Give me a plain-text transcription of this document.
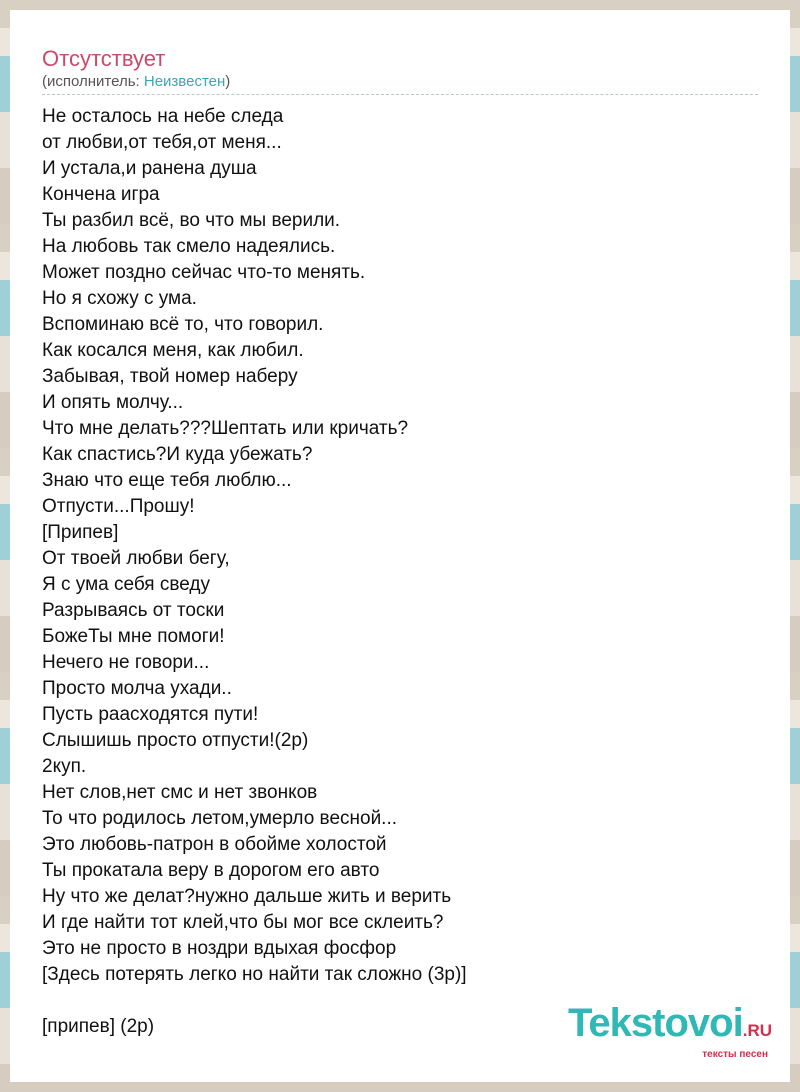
Отсутствует
(исполнитель: Неизвестен)
Не осталось на небе следа
от любви,от тебя,от меня...
И устала,и ранена душа
Кончена игра
Ты разбил всё, во что мы верили.
На любовь так смело надеялись.
Может поздно сейчас что-то менять.
Но я схожу с ума.
Вспоминаю всё то, что говорил.
Как косался меня, как любил.
Забывая, твой номер наберу
И опять молчу...
Что мне делать???Шептать или кричать?
Как спастись?И куда убежать?
Знаю что еще тебя люблю...
Отпусти...Прошу!
[Припев]
От твоей любви бегу,
Я с ума себя сведу
Разрываясь от тоски
БожеТы мне помоги!
Нечего не говори...
Просто молча ухади..
Пусть раасходятся пути!
Слышишь просто отпусти!(2р)
2куп.
Нет слов,нет смс и нет звонков
То что родилось летом,умерло весной...
Это любовь-патрон в обойме холостой
Ты прокатала веру в дорогом его авто
Ну что же делат?нужно дальше жить и верить
И где найти тот клей,что бы мог все склеить?
Это не просто в ноздри вдыхая фосфор
[Здесь потерять легко но найти так сложно (3р)]
[припев] (2р)	Tekstovoi.RU
тексты песен
